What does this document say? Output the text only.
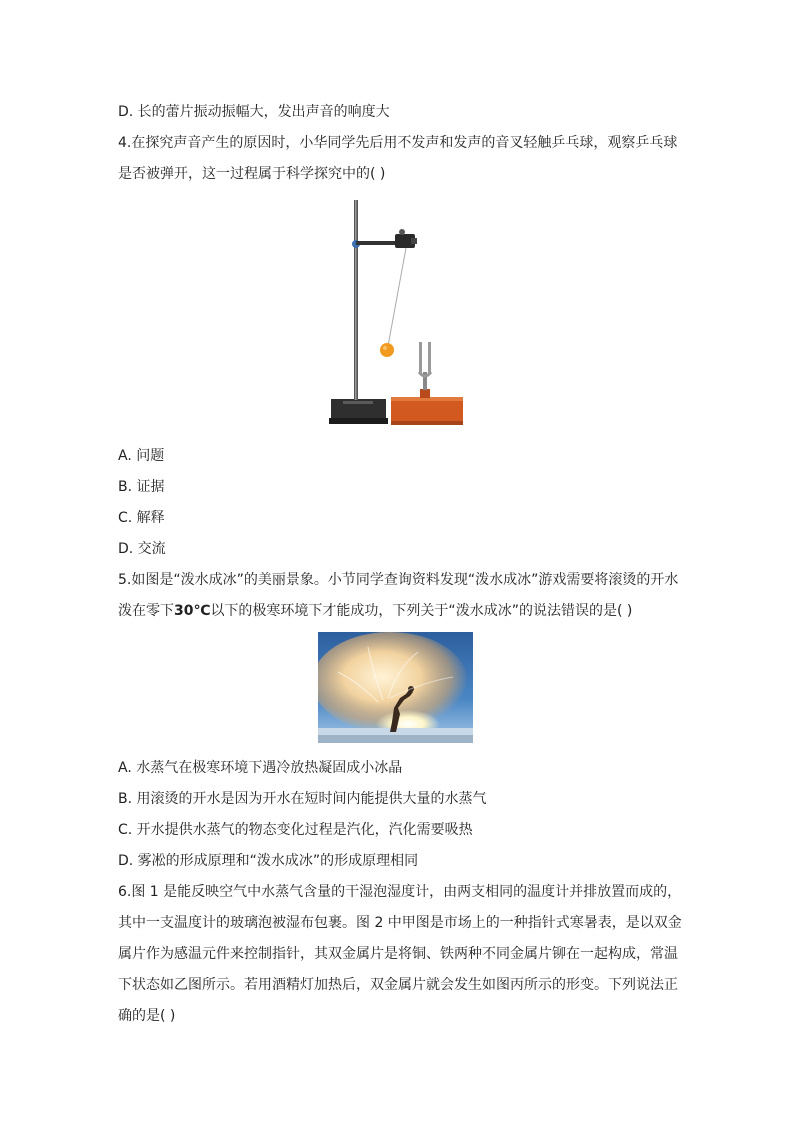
D. 长的蕾片振动振幅大，发出声音的响度大
4.在探究声音产生的原因时，小华同学先后用不发声和发声的音叉轻触乒乓球，观察乒乓球
是否被弹开，这一过程属于科学探究中的( )
A. 问题
B. 证据
C. 解释
D. 交流
5.如图是“泼水成冰”的美丽景象。小节同学查询资料发现“泼水成冰”游戏需要将滚烫的开水
泼在零下30℃以下的极寒环境下才能成功，下列关于“泼水成冰”的说法错误的是( )
A. 水蒸气在极寒环境下遇冷放热凝固成小冰晶
B. 用滚烫的开水是因为开水在短时间内能提供大量的水蒸气
C. 开水提供水蒸气的物态变化过程是汽化，汽化需要吸热
D. 雾凇的形成原理和“泼水成冰”的形成原理相同
6.图 1 是能反映空气中水蒸气含量的干湿泡湿度计，由两支相同的温度计并排放置而成的，
其中一支温度计的玻璃泡被湿布包裹。图 2 中甲图是市场上的一种指针式寒暑表，是以双金
属片作为感温元件来控制指针，其双金属片是将铜、铁两种不同金属片铆在一起构成，常温
下状态如乙图所示。若用酒精灯加热后，双金属片就会发生如图丙所示的形变。下列说法正
确的是( )
